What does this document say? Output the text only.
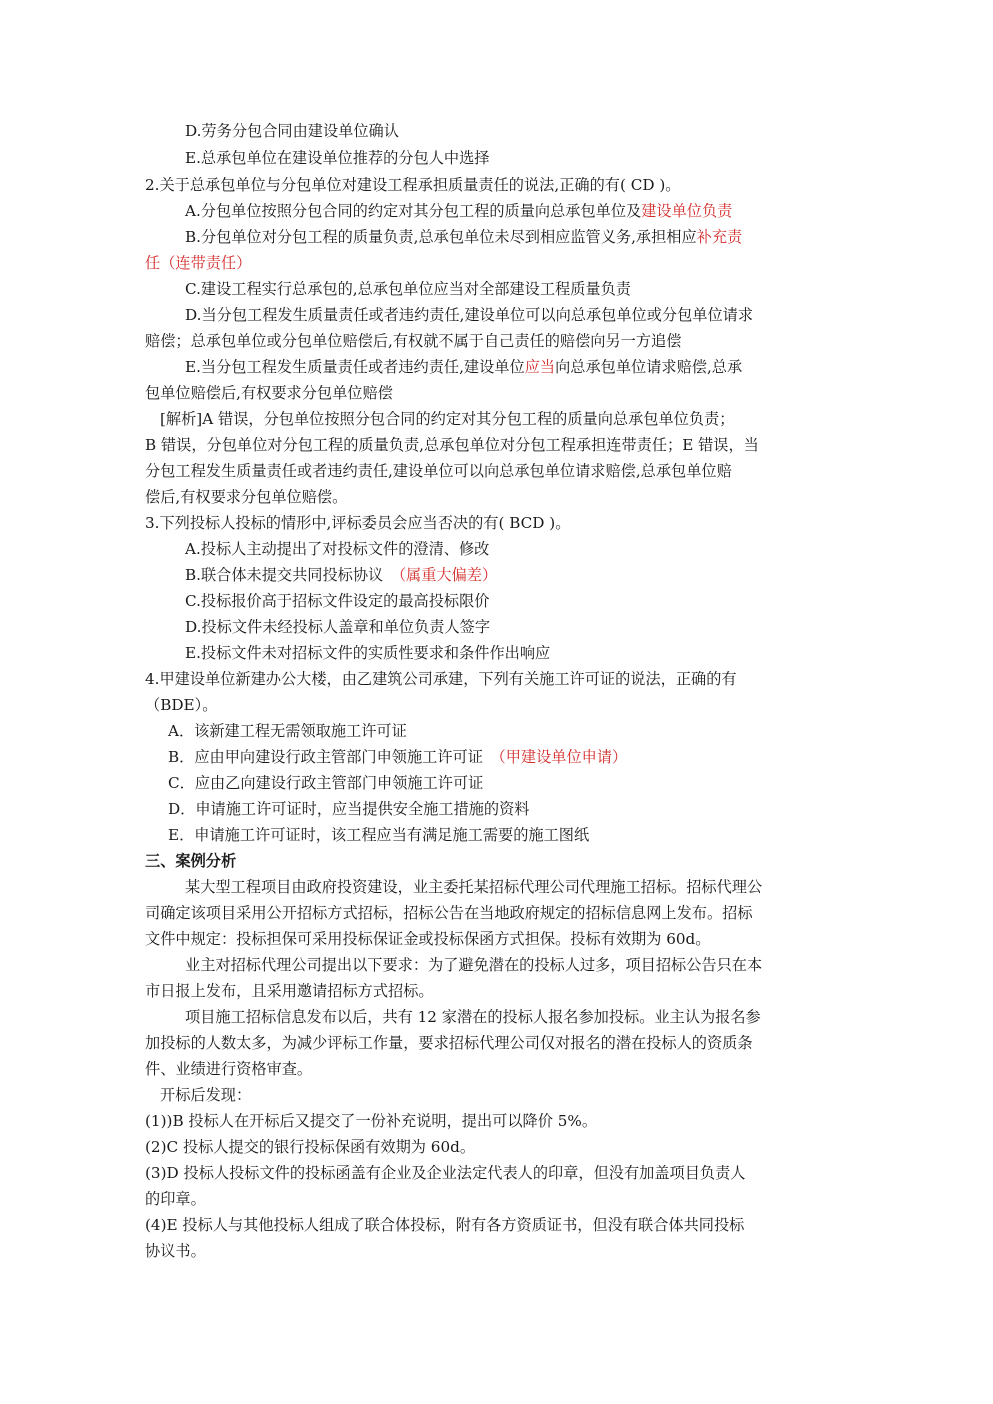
D.劳务分包合同由建设单位确认
E.总承包单位在建设单位推荐的分包人中选择
2.关于总承包单位与分包单位对建设工程承担质量责任的说法,正确的有( CD )。
A.分包单位按照分包合同的约定对其分包工程的质量向总承包单位及建设单位负责
B.分包单位对分包工程的质量负责,总承包单位未尽到相应监管义务,承担相应补充责
任（连带责任）
C.建设工程实行总承包的,总承包单位应当对全部建设工程质量负责
D.当分包工程发生质量责任或者违约责任,建设单位可以向总承包单位或分包单位请求
赔偿；总承包单位或分包单位赔偿后,有权就不属于自己责任的赔偿向另一方追偿
E.当分包工程发生质量责任或者违约责任,建设单位应当向总承包单位请求赔偿,总承
包单位赔偿后,有权要求分包单位赔偿
[解析]A 错误，分包单位按照分包合同的约定对其分包工程的质量向总承包单位负责；
B 错误，分包单位对分包工程的质量负责,总承包单位对分包工程承担连带责任；E 错误，当
分包工程发生质量责任或者违约责任,建设单位可以向总承包单位请求赔偿,总承包单位赔
偿后,有权要求分包单位赔偿。
3.下列投标人投标的情形中,评标委员会应当否决的有( BCD )。
A.投标人主动提出了对投标文件的澄清、修改
B.联合体未提交共同投标协议　（属重大偏差）
C.投标报价高于招标文件设定的最高投标限价
D.投标文件未经投标人盖章和单位负责人签字
E.投标文件未对招标文件的实质性要求和条件作出响应
4.甲建设单位新建办公大楼，由乙建筑公司承建，下列有关施工许可证的说法，正确的有
（BDE）。
A．该新建工程无需领取施工许可证
B．应由甲向建设行政主管部门申领施工许可证　（甲建设单位申请）
C．应由乙向建设行政主管部门申领施工许可证
D．申请施工许可证时，应当提供安全施工措施的资料
E．申请施工许可证时，该工程应当有满足施工需要的施工图纸
三、案例分析
某大型工程项目由政府投资建设，业主委托某招标代理公司代理施工招标。招标代理公
司确定该项目采用公开招标方式招标，招标公告在当地政府规定的招标信息网上发布。招标
文件中规定：投标担保可采用投标保证金或投标保函方式担保。投标有效期为 60d。
业主对招标代理公司提出以下要求：为了避免潜在的投标人过多，项目招标公告只在本
市日报上发布，且采用邀请招标方式招标。
项目施工招标信息发布以后，共有 12 家潜在的投标人报名参加投标。业主认为报名参
加投标的人数太多，为减少评标工作量，要求招标代理公司仅对报名的潜在投标人的资质条
件、业绩进行资格审查。
开标后发现：
(1))B 投标人在开标后又提交了一份补充说明，提出可以降价 5%。
(2)C 投标人提交的银行投标保函有效期为 60d。
(3)D 投标人投标文件的投标函盖有企业及企业法定代表人的印章，但没有加盖项目负责人
的印章。
(4)E 投标人与其他投标人组成了联合体投标，附有各方资质证书，但没有联合体共同投标
协议书。
